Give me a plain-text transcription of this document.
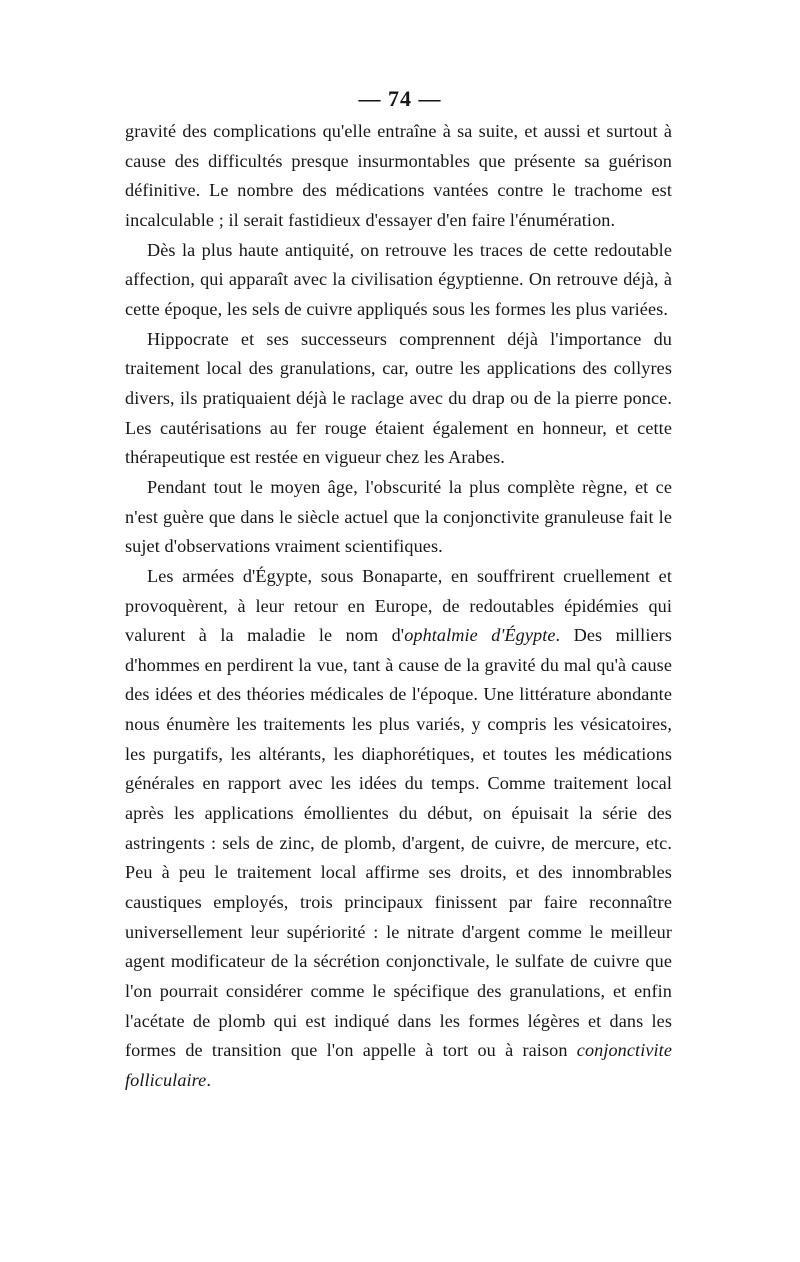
— 74 —

gravité des complications qu'elle entraîne à sa suite, et aussi et surtout à cause des difficultés presque insurmontables que présente sa guérison définitive. Le nombre des médications vantées contre le trachome est incalculable ; il serait fastidieux d'essayer d'en faire l'énumération.

Dès la plus haute antiquité, on retrouve les traces de cette redoutable affection, qui apparaît avec la civilisation égyptienne. On retrouve déjà, à cette époque, les sels de cuivre appliqués sous les formes les plus variées.

Hippocrate et ses successeurs comprennent déjà l'importance du traitement local des granulations, car, outre les applications des collyres divers, ils pratiquaient déjà le raclage avec du drap ou de la pierre ponce. Les cautérisations au fer rouge étaient également en honneur, et cette thérapeutique est restée en vigueur chez les Arabes.

Pendant tout le moyen âge, l'obscurité la plus complète règne, et ce n'est guère que dans le siècle actuel que la conjonctivite granuleuse fait le sujet d'observations vraiment scientifiques.

Les armées d'Égypte, sous Bonaparte, en souffrirent cruellement et provoquèrent, à leur retour en Europe, de redoutables épidémies qui valurent à la maladie le nom d'ophtalmie d'Égypte. Des milliers d'hommes en perdirent la vue, tant à cause de la gravité du mal qu'à cause des idées et des théories médicales de l'époque. Une littérature abondante nous énumère les traitements les plus variés, y compris les vésicatoires, les purgatifs, les altérants, les diaphorétiques, et toutes les médications générales en rapport avec les idées du temps. Comme traitement local après les applications émollientes du début, on épuisait la série des astringents : sels de zinc, de plomb, d'argent, de cuivre, de mercure, etc. Peu à peu le traitement local affirme ses droits, et des innombrables caustiques employés, trois principaux finissent par faire reconnaître universellement leur supériorité : le nitrate d'argent comme le meilleur agent modificateur de la sécrétion conjonctivale, le sulfate de cuivre que l'on pourrait considérer comme le spécifique des granulations, et enfin l'acétate de plomb qui est indiqué dans les formes légères et dans les formes de transition que l'on appelle à tort ou à raison conjonctivite folliculaire.
